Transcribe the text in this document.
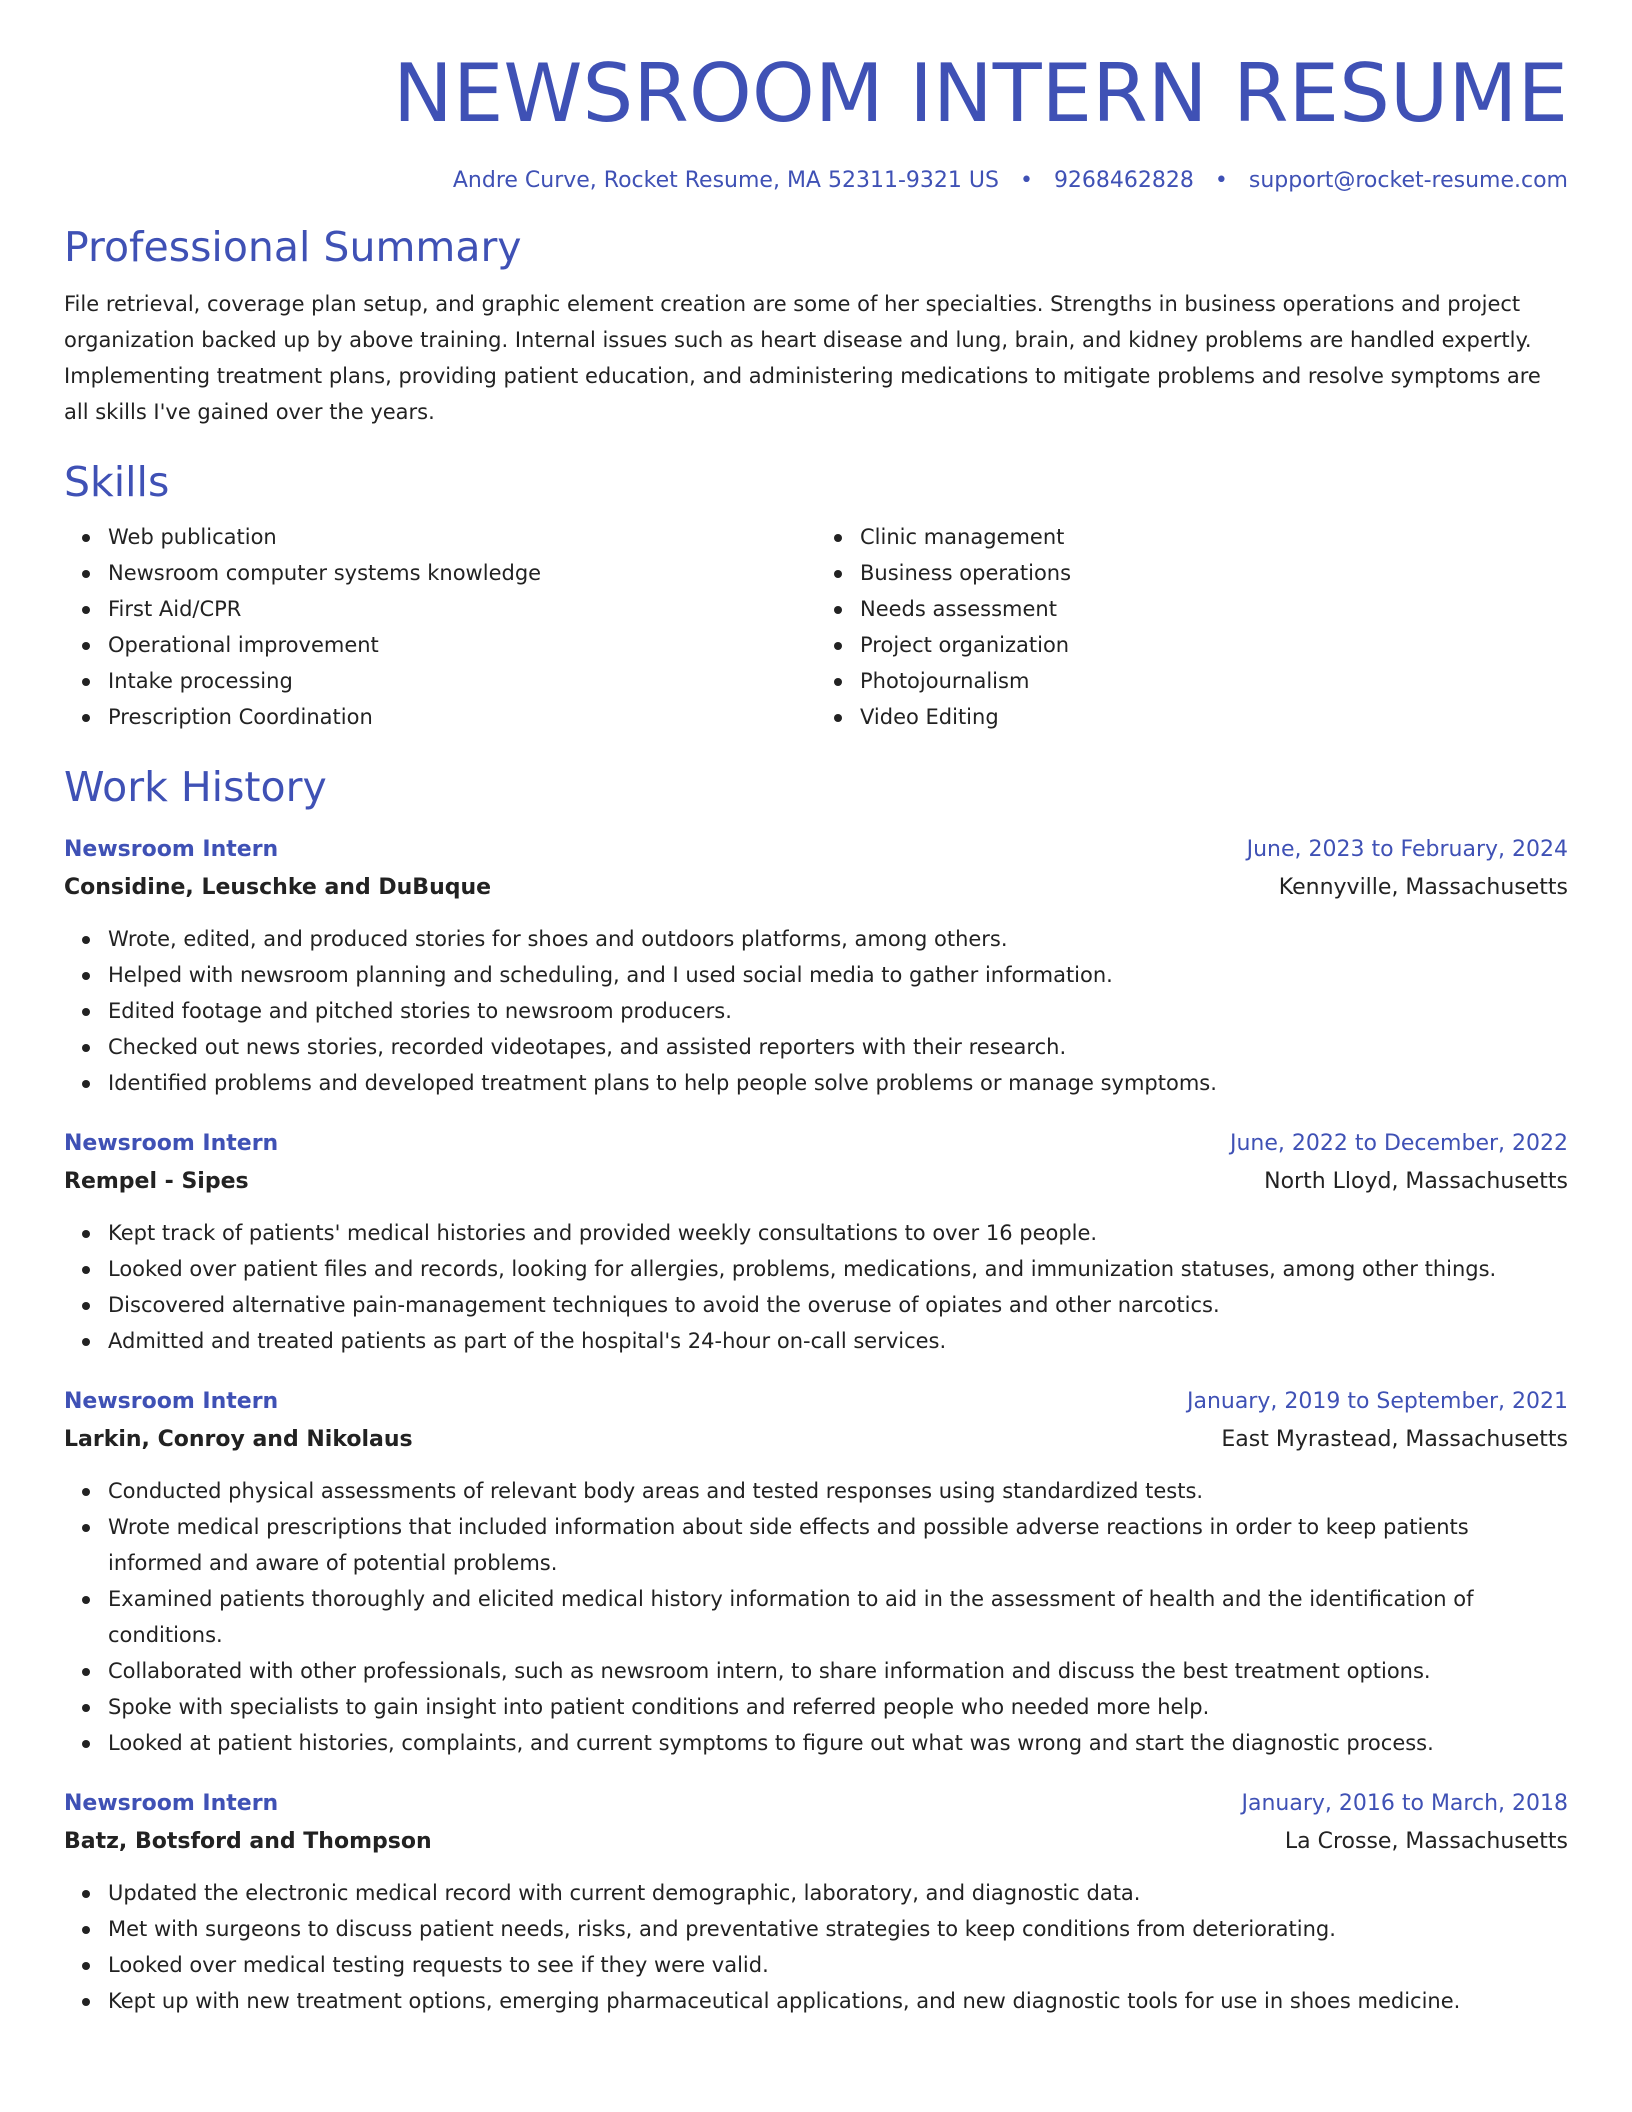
NEWSROOM INTERN RESUME
Andre Curve, Rocket Resume, MA 52311-9321 US • 9268462828 • support@rocket-resume.com
Professional Summary

File retrieval, coverage plan setup, and graphic element creation are some of her specialties. Strengths in business operations and project organization backed up by above training. Internal issues such as heart disease and lung, brain, and kidney problems are handled expertly. Implementing treatment plans, providing patient education, and administering medications to mitigate problems and resolve symptoms are all skills I've gained over the years.

Skills
Web publication
Newsroom computer systems knowledge
First Aid/CPR
Operational improvement
Intake processing
Prescription Coordination
Clinic management
Business operations
Needs assessment
Project organization
Photojournalism
Video Editing
Work History
Newsroom Intern	June, 2023 to February, 2024
Considine, Leuschke and DuBuque	Kennyville, Massachusetts
Wrote, edited, and produced stories for shoes and outdoors platforms, among others.
Helped with newsroom planning and scheduling, and I used social media to gather information.
Edited footage and pitched stories to newsroom producers.
Checked out news stories, recorded videotapes, and assisted reporters with their research.
Identified problems and developed treatment plans to help people solve problems or manage symptoms.
Newsroom Intern	June, 2022 to December, 2022
Rempel - Sipes	North Lloyd, Massachusetts
Kept track of patients' medical histories and provided weekly consultations to over 16 people.
Looked over patient files and records, looking for allergies, problems, medications, and immunization statuses, among other things.
Discovered alternative pain-management techniques to avoid the overuse of opiates and other narcotics.
Admitted and treated patients as part of the hospital's 24-hour on-call services.
Newsroom Intern	January, 2019 to September, 2021
Larkin, Conroy and Nikolaus	East Myrastead, Massachusetts
Conducted physical assessments of relevant body areas and tested responses using standardized tests.
Wrote medical prescriptions that included information about side effects and possible adverse reactions in order to keep patients informed and aware of potential problems.
Examined patients thoroughly and elicited medical history information to aid in the assessment of health and the identification of conditions.
Collaborated with other professionals, such as newsroom intern, to share information and discuss the best treatment options.
Spoke with specialists to gain insight into patient conditions and referred people who needed more help.
Looked at patient histories, complaints, and current symptoms to figure out what was wrong and start the diagnostic process.
Newsroom Intern	January, 2016 to March, 2018
Batz, Botsford and Thompson	La Crosse, Massachusetts
Updated the electronic medical record with current demographic, laboratory, and diagnostic data.
Met with surgeons to discuss patient needs, risks, and preventative strategies to keep conditions from deteriorating.
Looked over medical testing requests to see if they were valid.
Kept up with new treatment options, emerging pharmaceutical applications, and new diagnostic tools for use in shoes medicine.
